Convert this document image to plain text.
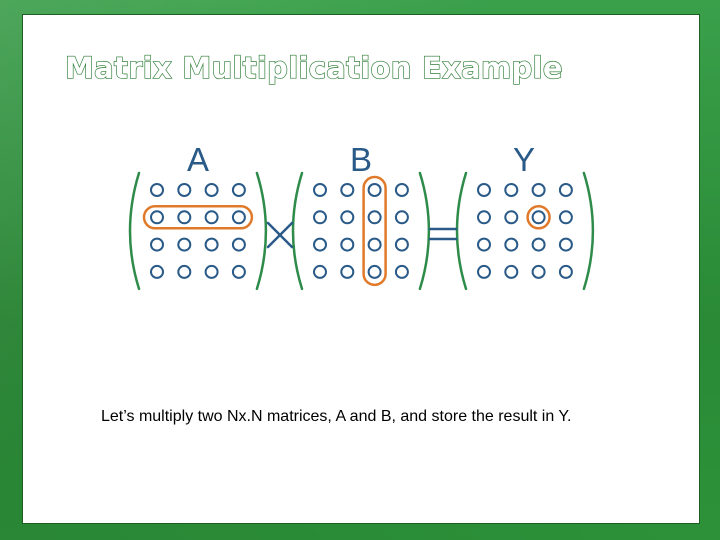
Matrix Multiplication Example

Let’s multiply two Nx.N matrices, A and B, and store the result in Y.

A	B	Y
